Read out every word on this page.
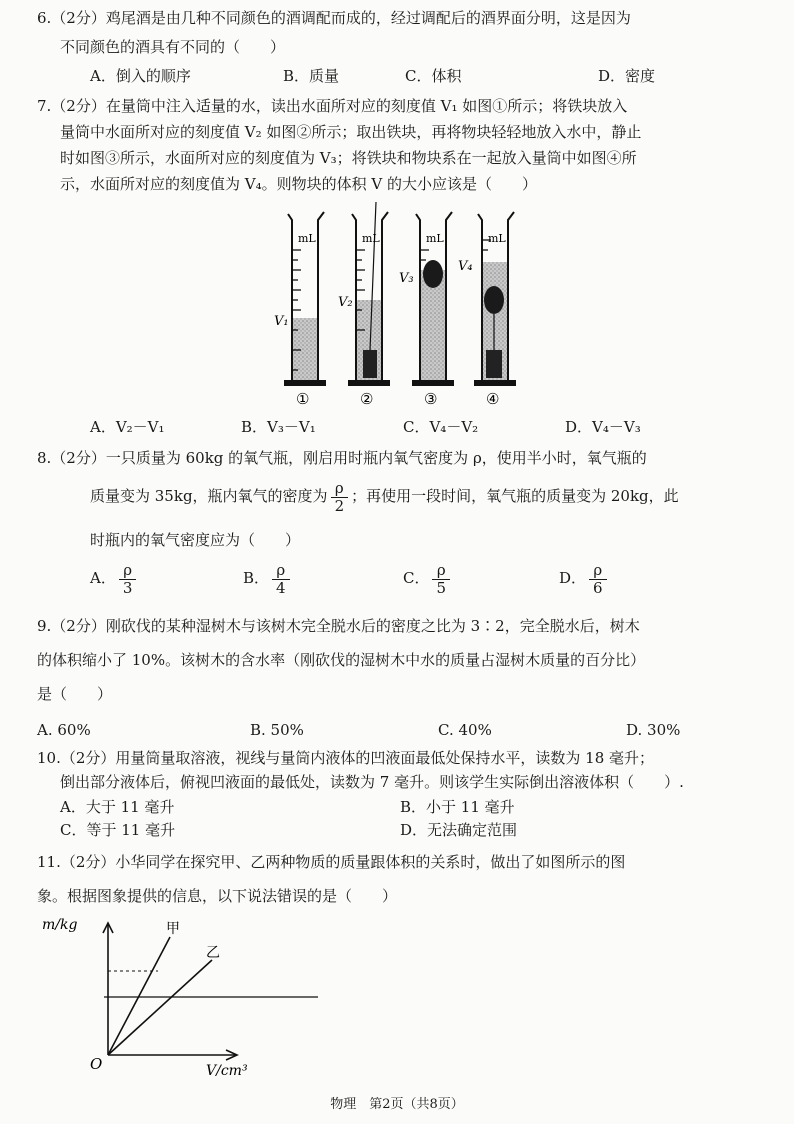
6.（2分）鸡尾酒是由几种不同颜色的酒调配而成的，经过调配后的酒界面分明，这是因为
不同颜色的酒具有不同的（　　）
A．倒入的顺序	B．质量	C．体积	D．密度
7.（2分）在量筒中注入适量的水，读出水面所对应的刻度值 V₁ 如图①所示；将铁块放入
量筒中水面所对应的刻度值 V₂ 如图②所示；取出铁块，再将物块轻轻地放入水中，静止
时如图③所示，水面所对应的刻度值为 V₃；将铁块和物块系在一起放入量筒中如图④所
示，水面所对应的刻度值为 V₄。则物块的体积 V 的大小应该是（　　）
mL
V₁
①
mL
V₂
②
mL
V₃
③
mL
V₄
④
A．V₂－V₁	B．V₃－V₁	C．V₄－V₂	D．V₄－V₃
8.（2分）一只质量为 60kg 的氧气瓶，刚启用时瓶内氧气密度为 ρ，使用半小时，氧气瓶的
质量变为 35kg，瓶内氧气的密度为 $\frac{\rho}{2}$ ；再使用一段时间，氧气瓶的质量变为 20kg，此
时瓶内的氧气密度应为（　　）
A． $\frac{\rho}{3}$	B． $\frac{\rho}{4}$	C． $\frac{\rho}{5}$	D． $\frac{\rho}{6}$
9.（2分）刚砍伐的某种湿树木与该树木完全脱水后的密度之比为 3∶2，完全脱水后，树木
的体积缩小了 10%。该树木的含水率（刚砍伐的湿树木中水的质量占湿树木质量的百分比）
是（　　）
A. 60%	B. 50%	C. 40%	D. 30%
10.（2分）用量筒量取溶液，视线与量筒内液体的凹液面最低处保持水平，读数为 18 毫升；
倒出部分液体后，俯视凹液面的最低处，读数为 7 毫升。则该学生实际倒出溶液体积（　　）.
A．大于 11 毫升	B．小于 11 毫升
C．等于 11 毫升	D．无法确定范围
11.（2分）小华同学在探究甲、乙两种物质的质量跟体积的关系时，做出了如图所示的图
象。根据图象提供的信息，以下说法错误的是（　　）
m/kg
V/cm³
O
甲
乙
物理　第2页（共8页）
